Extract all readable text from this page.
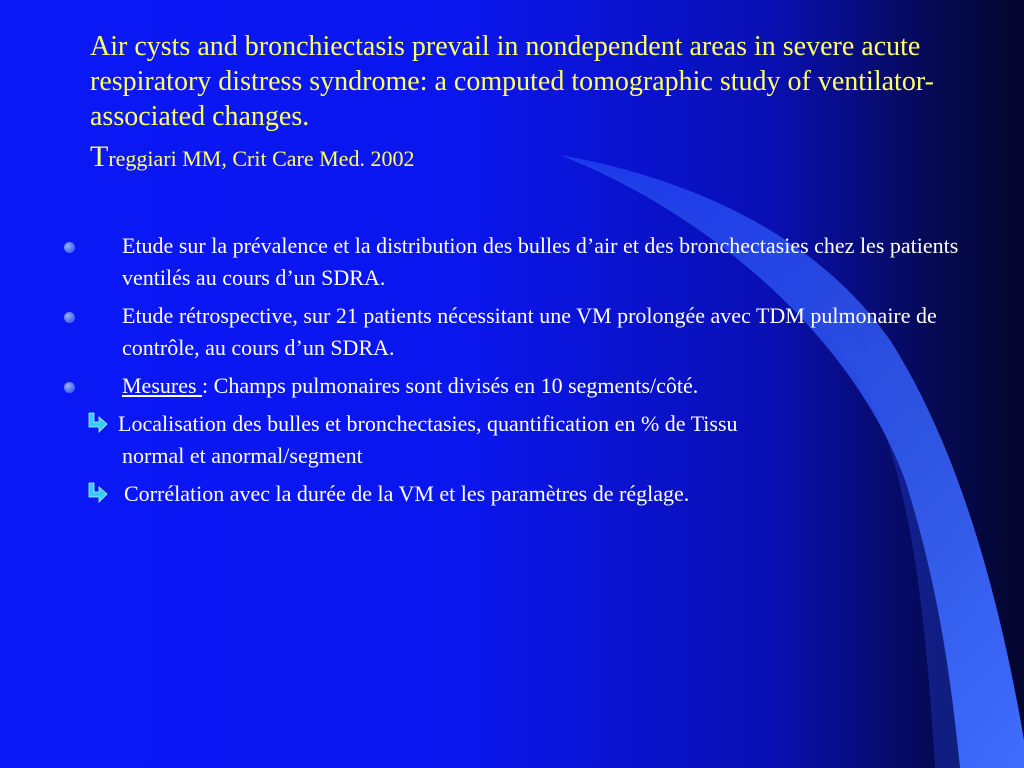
Air cysts and bronchiectasis prevail in nondependent areas in severe acute respiratory distress syndrome: a computed tomographic study of ventilator-associated changes.
Treggiari MM, Crit Care Med. 2002
Etude sur la prévalence et la distribution des bulles d’air et des bronchectasies chez les patients ventilés au cours d’un SDRA.
Etude rétrospective, sur 21 patients nécessitant une VM prolongée avec TDM pulmonaire de contrôle, au cours d’un SDRA.
Mesures : Champs pulmonaires sont divisés en 10 segments/côté.
Localisation des bulles et bronchectasies, quantification en % de Tissu
normal et anormal/segment
Corrélation avec la durée de la VM et les paramètres de réglage.
